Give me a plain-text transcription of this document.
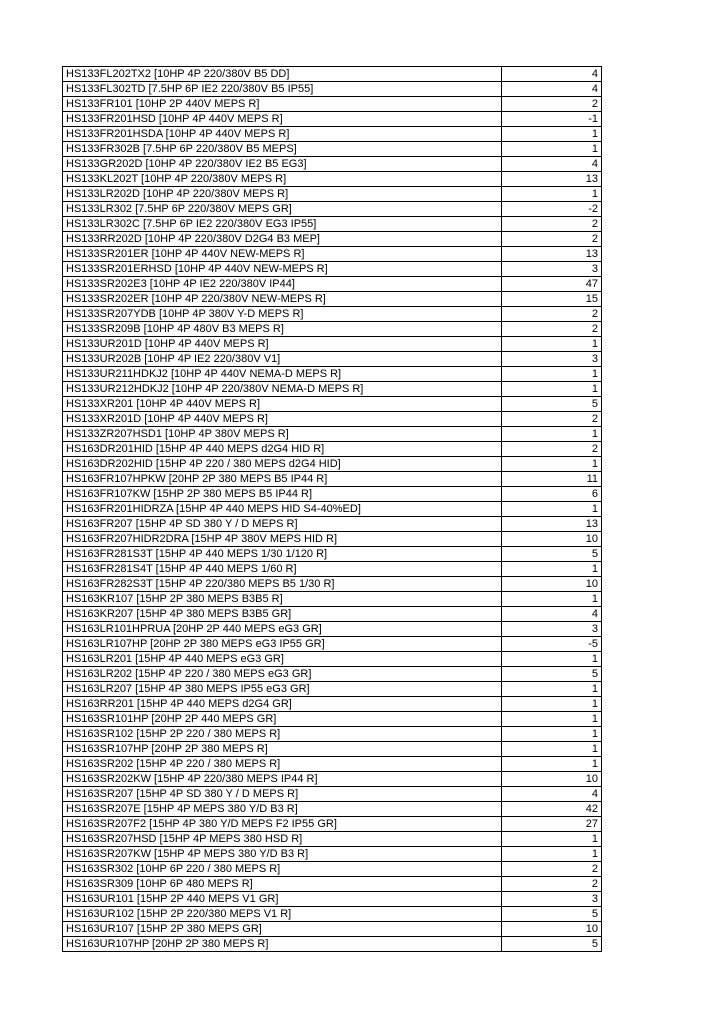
HS133FL202TX2 [10HP 4P 220/380V B5 DD]	4
HS133FL302TD [7.5HP 6P IE2 220/380V B5 IP55]	4
HS133FR101 [10HP 2P 440V MEPS R]	2
HS133FR201HSD [10HP 4P 440V MEPS R]	-1
HS133FR201HSDA [10HP 4P 440V MEPS R]	1
HS133FR302B [7.5HP 6P 220/380V B5 MEPS]	1
HS133GR202D [10HP 4P 220/380V IE2 B5 EG3]	4
HS133KL202T [10HP 4P 220/380V MEPS R]	13
HS133LR202D [10HP 4P 220/380V MEPS R]	1
HS133LR302 [7.5HP 6P 220/380V MEPS GR]	-2
HS133LR302C [7.5HP 6P IE2 220/380V EG3 IP55]	2
HS133RR202D [10HP 4P 220/380V D2G4 B3 MEP]	2
HS133SR201ER [10HP 4P 440V NEW-MEPS R]	13
HS133SR201ERHSD [10HP 4P 440V NEW-MEPS R]	3
HS133SR202E3 [10HP 4P IE2 220/380V IP44]	47
HS133SR202ER [10HP 4P 220/380V NEW-MEPS R]	15
HS133SR207YDB [10HP 4P 380V Y-D MEPS R]	2
HS133SR209B [10HP 4P 480V B3 MEPS R]	2
HS133UR201D [10HP 4P 440V MEPS R]	1
HS133UR202B [10HP 4P IE2 220/380V V1]	3
HS133UR211HDKJ2 [10HP 4P 440V NEMA-D MEPS R]	1
HS133UR212HDKJ2 [10HP 4P 220/380V NEMA-D MEPS R]	1
HS133XR201 [10HP 4P 440V MEPS R]	5
HS133XR201D [10HP 4P 440V MEPS R]	2
HS133ZR207HSD1 [10HP 4P 380V MEPS R]	1
HS163DR201HID [15HP 4P 440 MEPS d2G4 HID R]	2
HS163DR202HID [15HP 4P 220 / 380 MEPS d2G4 HID]	1
HS163FR107HPKW [20HP 2P 380 MEPS B5 IP44 R]	11
HS163FR107KW [15HP 2P 380 MEPS B5 IP44 R]	6
HS163FR201HIDRZA [15HP 4P 440 MEPS HID S4-40%ED]	1
HS163FR207 [15HP 4P SD 380 Y / D MEPS R]	13
HS163FR207HIDR2DRA [15HP 4P 380V MEPS HID R]	10
HS163FR281S3T [15HP 4P 440 MEPS 1/30 1/120 R]	5
HS163FR281S4T [15HP 4P 440 MEPS 1/60 R]	1
HS163FR282S3T [15HP 4P 220/380 MEPS B5 1/30 R]	10
HS163KR107 [15HP 2P 380 MEPS B3B5 R]	1
HS163KR207 [15HP 4P 380 MEPS B3B5 GR]	4
HS163LR101HPRUA [20HP 2P 440 MEPS eG3 GR]	3
HS163LR107HP [20HP 2P 380 MEPS eG3 IP55 GR]	-5
HS163LR201 [15HP 4P 440 MEPS eG3 GR]	1
HS163LR202 [15HP 4P 220 / 380 MEPS eG3 GR]	5
HS163LR207 [15HP 4P 380 MEPS IP55 eG3 GR]	1
HS163RR201 [15HP 4P 440 MEPS d2G4 GR]	1
HS163SR101HP [20HP 2P 440 MEPS GR]	1
HS163SR102 [15HP 2P 220 / 380 MEPS R]	1
HS163SR107HP [20HP 2P 380 MEPS R]	1
HS163SR202 [15HP 4P 220 / 380 MEPS R]	1
HS163SR202KW [15HP 4P 220/380 MEPS IP44 R]	10
HS163SR207 [15HP 4P SD 380 Y / D MEPS R]	4
HS163SR207E [15HP 4P MEPS 380 Y/D B3 R]	42
HS163SR207F2 [15HP 4P 380 Y/D MEPS F2 IP55 GR]	27
HS163SR207HSD [15HP 4P MEPS 380 HSD R]	1
HS163SR207KW [15HP 4P MEPS 380 Y/D B3 R]	1
HS163SR302 [10HP 6P 220 / 380 MEPS R]	2
HS163SR309 [10HP 6P 480 MEPS R]	2
HS163UR101 [15HP 2P 440 MEPS V1 GR]	3
HS163UR102 [15HP 2P 220/380 MEPS V1 R]	5
HS163UR107 [15HP 2P 380 MEPS GR]	10
HS163UR107HP [20HP 2P 380 MEPS R]	5
